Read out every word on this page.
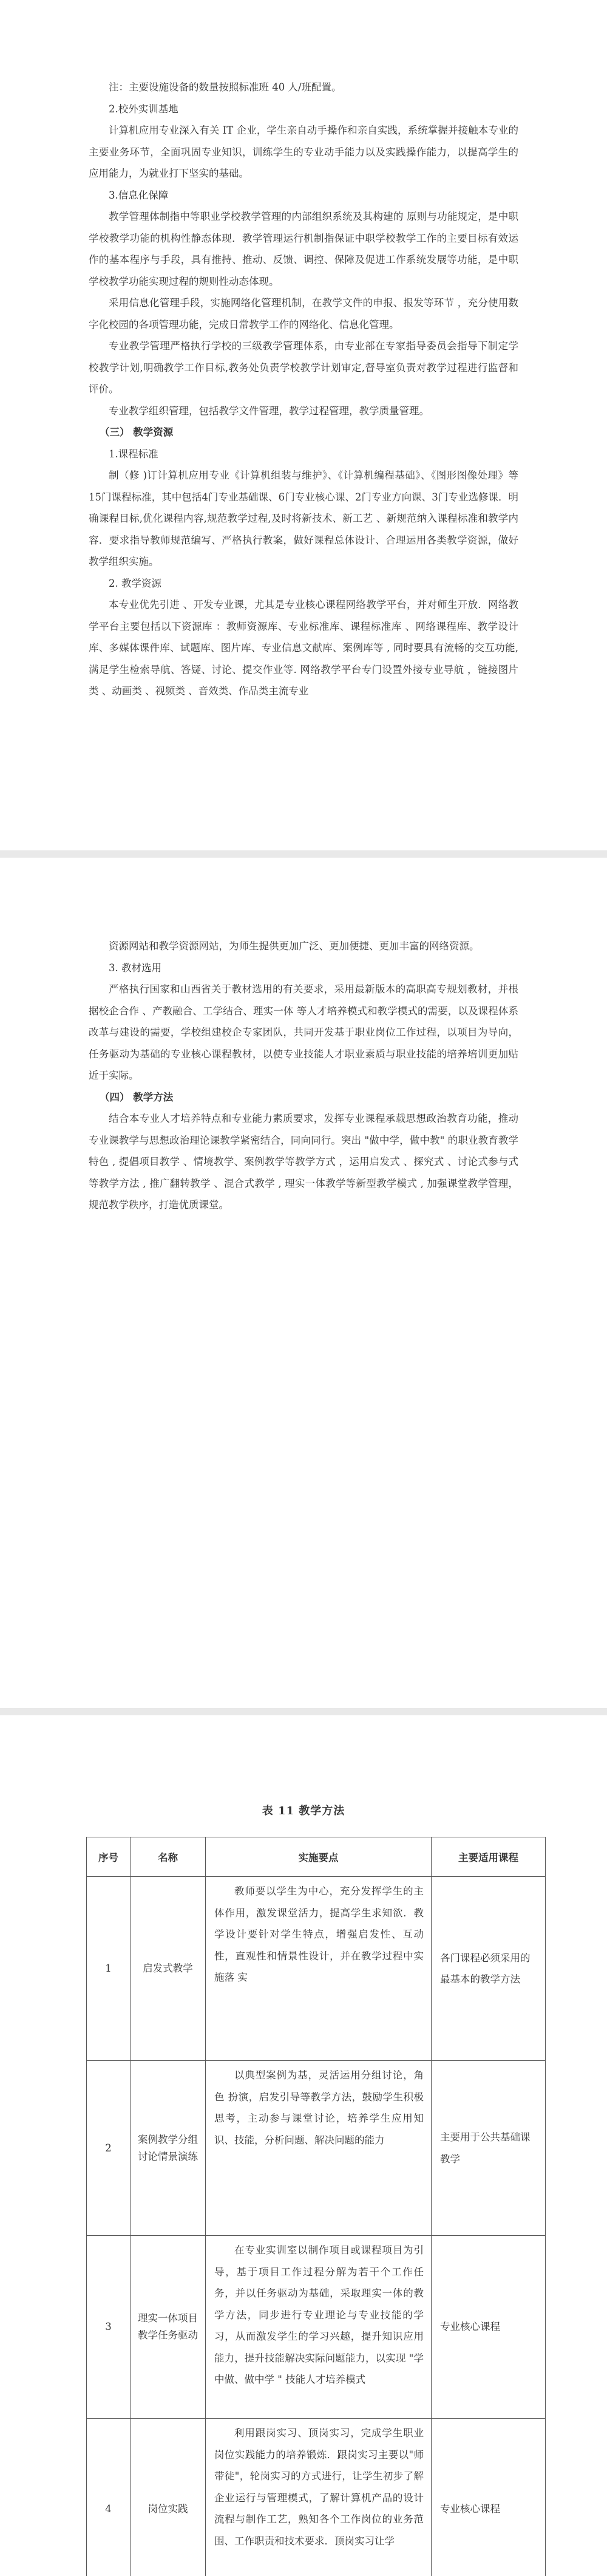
注：主要设施设备的数量按照标准班 40 人/班配置。

2.校外实训基地

计算机应用专业深入有关 IT 企业，学生亲自动手操作和亲自实践，系统掌握并接触本专业的主要业务环节，全面巩固专业知识，训练学生的专业动手能力以及实践操作能力，以提高学生的应用能力，为就业打下坚实的基础。

3.信息化保障

教学管理体制指中等职业学校教学管理的内部组织系统及其构建的 原则与功能规定，是中职学校教学功能的机构性静态体现．教学管理运行机制指保证中职学校教学工作的主要目标有效运作的基本程序与手段，具有推持、推动、反馈、调控、保障及促进工作系统发展等功能，是中职学校教学功能实现过程的规则性动态体现。

采用信息化管理手段，实施网络化管理机制，在教学文件的申报、报发等环节 ，充分使用数字化校园的各项管理功能，完成日常教学工作的网络化、信息化管理。

专业教学管理严格执行学校的三级教学管理体系，由专业部在专家指导委员会指导下制定学校教学计划,明确教学工作目标,教务处负责学校教学计划审定,督导室负责对教学过程进行监督和评价。

专业教学组织管理，包括教学文件管理，教学过程管理，教学质量管理。

（三） 教学资源

1.课程标准

制（修 )订计算机应用专业《计算机组装与维护》、《计算机编程基础》、《图形图像处理》等15门课程标准，其中包括4门专业基础课、6门专业核心课、2门专业方向课、3门专业选修课．明确课程目标,优化课程内容,规范教学过程,及时将新技术、新工艺 、新规范纳入课程标准和教学内容．要求指导教师规范编写、严格执行教案，做好课程总体设计、合理运用各类教学资源，做好教学组织实施。

2. 教学资源

本专业优先引进 、开发专业课，尤其是专业核心课程网络教学平台，并对师生开放．网络教学平台主要包括以下资源库 ：教师资源库、专业标准库、课程标准库 、网络课程库、教学设计库、多媒体课件库、试题库、图片库、专业信息文献库、案例库等 , 同时要具有流畅的交互功能, 满足学生检索导航、答疑、讨论、提交作业等. 网络教学平台专门设置外接专业导航 ，链接图片类 、动画类 、视频类 、音效类、作品类主流专业

资源网站和教学资源网站，为师生提供更加广泛、更加便捷、更加丰富的网络资源。

3. 教材选用

严格执行国家和山西省关于教材选用的有关要求，采用最新版本的高职高专规划教材，并根据校企合作 、产教融合、工学结合、理实一体 等人才培养模式和教学模式的需要，以及课程体系改革与建设的需要，学校组建校企专家团队，共同开发基于职业岗位工作过程，以项目为导向，任务驱动为基础的专业核心课程教材，以使专业技能人才职业素质与职业技能的培养培训更加贴近于实际。

（四） 教学方法

结合本专业人才培养特点和专业能力素质要求，发挥专业课程承载思想政治教育功能，推动专业课教学与思想政治理论课教学紧密结合，同向同行。突出 "做中学，做中教" 的职业教育教学特色 , 提倡项目教学 、情境教学、案例教学等教学方式 ，运用启发式 、探究式 、讨论式参与式等教学方法 , 推广翻转教学 、混合式教学 , 理实一体教学等新型教学模式 , 加强课堂教学管理，规范教学秩序，打造优质课堂。

表 11 教学方法
序号	名称	实施要点	主要适用课程
1	启发式教学	教师要以学生为中心，充分发挥学生的主体作用，激发课堂活力，提高学生求知欲．教学设计要针对学生特点，增强启发性、互动性，直观性和情景性设计，并在教学过程中实施落 实	各门课程必须采用的最基本的教学方法
2	案例教学分组讨论情景演练	以典型案例为基，灵活运用分组讨论，角色 扮演，启发引导等教学方法，鼓励学生积极思考，主动参与课堂讨论，培养学生应用知识、技能，分析问题、解决问题的能力	主要用于公共基础课教学
3	理实一体项目 教学任务驱动	在专业实训室以制作项目或课程项目为引导，基于项目工作过程分解为若干个工作任务，并以任务驱动为基础，采取理实一体的教学方法，同步进行专业理论与专业技能的学习，从而激发学生的学习兴趣，提升知识应用能力，提升技能解决实际问题能力，以实现 "学中做、做中学 " 技能人才培养模式	专业核心课程
4	岗位实践	利用跟岗实习、顶岗实习，完成学生职业岗位实践能力的培养锻炼．跟岗实习主要以"师带徒"，轮岗实习的方式进行，让学生初步了解企业运行与管理模式，了解计算机产品的设计流程与制作工艺，熟知各个工作岗位的业务范围、工作职责和技术要求．顶岗实习让学	专业核心课程
